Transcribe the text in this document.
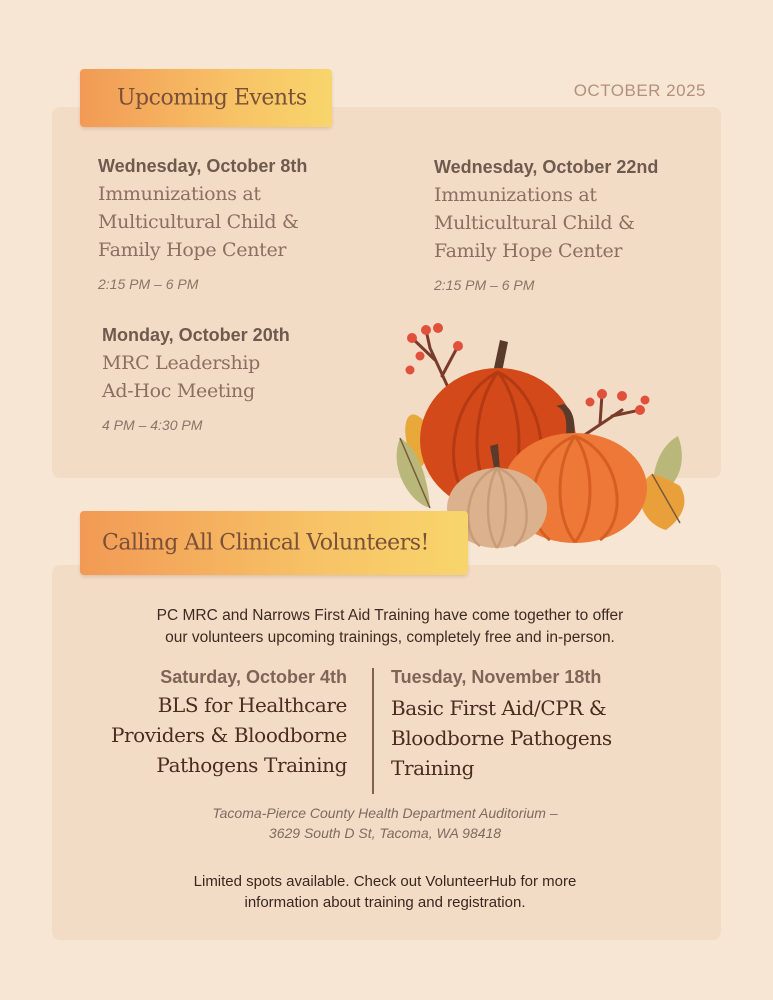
Upcoming Events	OCTOBER 2025
Wednesday, October 8th
Immunizations at
Multicultural Child &
Family Hope Center
2:15 PM – 6 PM
Wednesday, October 22nd
Immunizations at
Multicultural Child &
Family Hope Center
2:15 PM – 6 PM
Monday, October 20th
MRC Leadership
Ad-Hoc Meeting
4 PM – 4:30 PM
Calling All Clinical Volunteers!
PC MRC and Narrows First Aid Training have come together to offer
our volunteers upcoming trainings, completely free and in-person.
Saturday, October 4th
BLS for Healthcare
Providers & Bloodborne
Pathogens Training
Tuesday, November 18th
Basic First Aid/CPR &
Bloodborne Pathogens
Training
Tacoma-Pierce County Health Department Auditorium –
3629 South D St, Tacoma, WA 98418
Limited spots available. Check out VolunteerHub for more
information about training and registration.
